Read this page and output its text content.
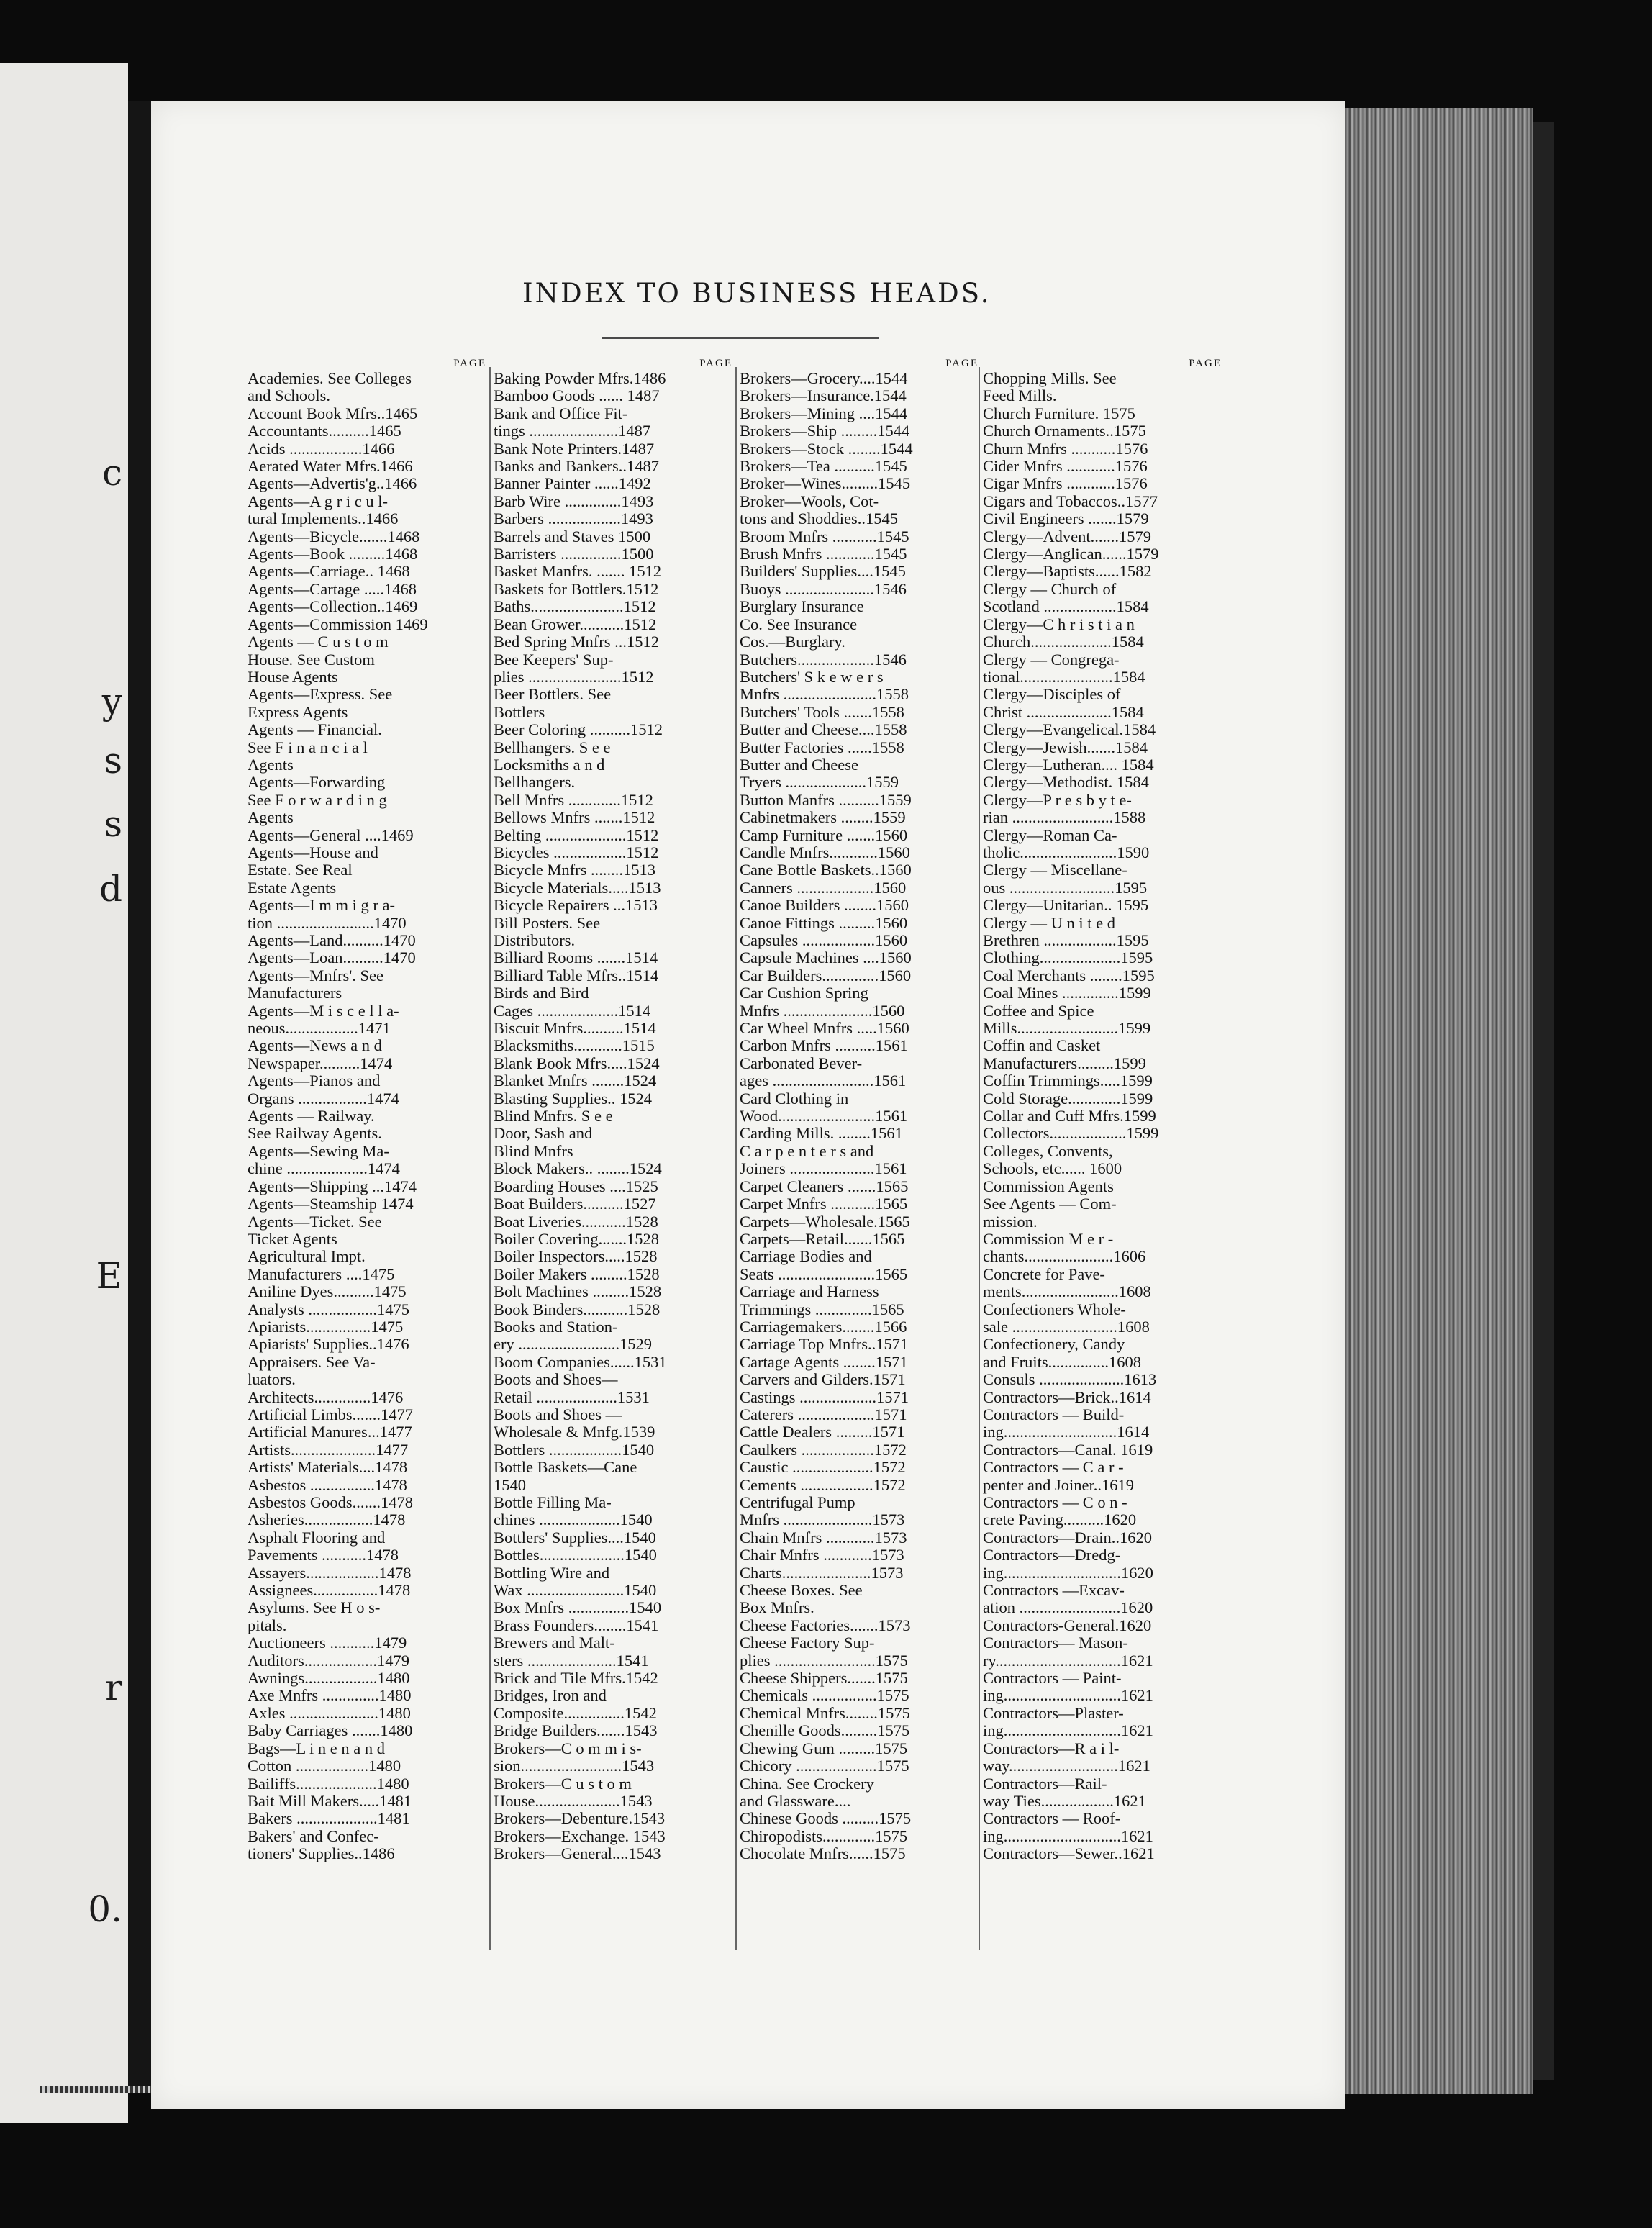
c
y
s
s
d
E
r
0.
INDEX TO BUSINESS HEADS.
PAGE
Academies. See Colleges
and Schools.
Account Book Mfrs..1465
Accountants..........1465
Acids ..................1466
Aerated Water Mfrs.1466
Agents—Advertis'g..1466
Agents—A g r i c u l-
tural Implements..1466
Agents—Bicycle.......1468
Agents—Book .........1468
Agents—Carriage.. 1468
Agents—Cartage .....1468
Agents—Collection..1469
Agents—Commission 1469
Agents — C u s t o m
House. See Custom
House Agents
Agents—Express. See
Express Agents
Agents — Financial.
See F i n a n c i a l
Agents
Agents—Forwarding
See F o r w a r d i n g
Agents
Agents—General ....1469
Agents—House and
Estate. See Real
Estate Agents
Agents—I m m i g r a-
tion ........................1470
Agents—Land..........1470
Agents—Loan..........1470
Agents—Mnfrs'. See
Manufacturers
Agents—M i s c e l l a-
neous..................1471
Agents—News a n d
Newspaper..........1474
Agents—Pianos and
Organs .................1474
Agents — Railway.
See Railway Agents.
Agents—Sewing Ma-
chine ....................1474
Agents—Shipping ...1474
Agents—Steamship 1474
Agents—Ticket. See
Ticket Agents
Agricultural Impt.
Manufacturers ....1475
Aniline Dyes..........1475
Analysts .................1475
Apiarists................1475
Apiarists' Supplies..1476
Appraisers. See Va-
luators.
Architects..............1476
Artificial Limbs.......1477
Artificial Manures...1477
Artists.....................1477
Artists' Materials....1478
Asbestos ................1478
Asbestos Goods.......1478
Asheries.................1478
Asphalt Flooring and
Pavements ...........1478
Assayers..................1478
Assignees................1478
Asylums. See H o s-
pitals.
Auctioneers ...........1479
Auditors..................1479
Awnings..................1480
Axe Mnfrs ..............1480
Axles ......................1480
Baby Carriages .......1480
Bags—L i n e n a n d
Cotton ..................1480
Bailiffs....................1480
Bait Mill Makers.....1481
Bakers ....................1481
Bakers' and Confec-
tioners' Supplies..1486
PAGE
Baking Powder Mfrs.1486
Bamboo Goods ...... 1487
Bank and Office Fit-
tings ......................1487
Bank Note Printers.1487
Banks and Bankers..1487
Banner Painter ......1492
Barb Wire ..............1493
Barbers ..................1493
Barrels and Staves 1500
Barristers ...............1500
Basket Manfrs. ....... 1512
Baskets for Bottlers.1512
Baths.......................1512
Bean Grower...........1512
Bed Spring Mnfrs ...1512
Bee Keepers' Sup-
plies .......................1512
Beer Bottlers. See
Bottlers
Beer Coloring ..........1512
Bellhangers. S e e
Locksmiths a n d
Bellhangers.
Bell Mnfrs .............1512
Bellows Mnfrs .......1512
Belting ....................1512
Bicycles ..................1512
Bicycle Mnfrs ........1513
Bicycle Materials.....1513
Bicycle Repairers ...1513
Bill Posters. See
Distributors.
Billiard Rooms .......1514
Billiard Table Mfrs..1514
Birds and Bird
Cages ....................1514
Biscuit Mnfrs..........1514
Blacksmiths............1515
Blank Book Mfrs.....1524
Blanket Mnfrs ........1524
Blasting Supplies.. 1524
Blind Mnfrs. S e e
Door, Sash and
Blind Mnfrs
Block Makers.. ........1524
Boarding Houses ....1525
Boat Builders..........1527
Boat Liveries...........1528
Boiler Covering.......1528
Boiler Inspectors.....1528
Boiler Makers .........1528
Bolt Machines .........1528
Book Binders...........1528
Books and Station-
ery .........................1529
Boom Companies......1531
Boots and Shoes—
Retail ....................1531
Boots and Shoes —
Wholesale & Mnfg.1539
Bottlers ..................1540
Bottle Baskets—Cane
1540
Bottle Filling Ma-
chines ....................1540
Bottlers' Supplies....1540
Bottles.....................1540
Bottling Wire and
Wax ........................1540
Box Mnfrs ...............1540
Brass Founders........1541
Brewers and Malt-
sters ......................1541
Brick and Tile Mfrs.1542
Bridges, Iron and
Composite...............1542
Bridge Builders.......1543
Brokers—C o m m i s-
sion.........................1543
Brokers—C u s t o m
House.....................1543
Brokers—Debenture.1543
Brokers—Exchange. 1543
Brokers—General....1543
PAGE
Brokers—Grocery....1544
Brokers—Insurance.1544
Brokers—Mining ....1544
Brokers—Ship .........1544
Brokers—Stock ........1544
Brokers—Tea ..........1545
Broker—Wines.........1545
Broker—Wools, Cot-
tons and Shoddies..1545
Broom Mnfrs ...........1545
Brush Mnfrs ............1545
Builders' Supplies....1545
Buoys ......................1546
Burglary Insurance
Co. See Insurance
Cos.—Burglary.
Butchers...................1546
Butchers' S k e w e r s
Mnfrs .......................1558
Butchers' Tools .......1558
Butter and Cheese....1558
Butter Factories ......1558
Butter and Cheese
Tryers ....................1559
Button Manfrs ..........1559
Cabinetmakers ........1559
Camp Furniture .......1560
Candle Mnfrs............1560
Cane Bottle Baskets..1560
Canners ...................1560
Canoe Builders ........1560
Canoe Fittings .........1560
Capsules ..................1560
Capsule Machines ....1560
Car Builders..............1560
Car Cushion Spring
Mnfrs ......................1560
Car Wheel Mnfrs .....1560
Carbon Mnfrs ..........1561
Carbonated Bever-
ages .........................1561
Card Clothing in
Wood........................1561
Carding Mills. ........1561
C a r p e n t e r s and
Joiners .....................1561
Carpet Cleaners .......1565
Carpet Mnfrs ...........1565
Carpets—Wholesale.1565
Carpets—Retail.......1565
Carriage Bodies and
Seats ........................1565
Carriage and Harness
Trimmings ..............1565
Carriagemakers........1566
Carriage Top Mnfrs..1571
Cartage Agents ........1571
Carvers and Gilders.1571
Castings ...................1571
Caterers ...................1571
Cattle Dealers .........1571
Caulkers ..................1572
Caustic ....................1572
Cements ..................1572
Centrifugal Pump
Mnfrs ......................1573
Chain Mnfrs ............1573
Chair Mnfrs ............1573
Charts......................1573
Cheese Boxes. See
Box Mnfrs.
Cheese Factories.......1573
Cheese Factory Sup-
plies .........................1575
Cheese Shippers.......1575
Chemicals ................1575
Chemical Mnfrs........1575
Chenille Goods.........1575
Chewing Gum .........1575
Chicory ....................1575
China. See Crockery
and Glassware....
Chinese Goods .........1575
Chiropodists.............1575
Chocolate Mnfrs......1575
PAGE
Chopping Mills. See
Feed Mills.
Church Furniture. 1575
Church Ornaments..1575
Churn Mnfrs ...........1576
Cider Mnfrs ............1576
Cigar Mnfrs ............1576
Cigars and Tobaccos..1577
Civil Engineers .......1579
Clergy—Advent.......1579
Clergy—Anglican......1579
Clergy—Baptists......1582
Clergy — Church of
Scotland ..................1584
Clergy—C h r i s t i a n
Church....................1584
Clergy — Congrega-
tional.......................1584
Clergy—Disciples of
Christ .....................1584
Clergy—Evangelical.1584
Clergy—Jewish.......1584
Clergy—Lutheran.... 1584
Clergy—Methodist. 1584
Clergy—P r e s b y t e-
rian .........................1588
Clergy—Roman Ca-
tholic........................1590
Clergy — Miscellane-
ous ..........................1595
Clergy—Unitarian.. 1595
Clergy — U n i t e d
Brethren ..................1595
Clothing....................1595
Coal Merchants ........1595
Coal Mines ..............1599
Coffee and Spice
Mills.........................1599
Coffin and Casket
Manufacturers.........1599
Coffin Trimmings.....1599
Cold Storage.............1599
Collar and Cuff Mfrs.1599
Collectors...................1599
Colleges, Convents,
Schools, etc...... 1600
Commission Agents
See Agents — Com-
mission.
Commission M e r -
chants......................1606
Concrete for Pave-
ments........................1608
Confectioners Whole-
sale ..........................1608
Confectionery, Candy
and Fruits...............1608
Consuls .....................1613
Contractors—Brick..1614
Contractors — Build-
ing............................1614
Contractors—Canal. 1619
Contractors — C a r -
penter and Joiner..1619
Contractors — C o n -
crete Paving..........1620
Contractors—Drain..1620
Contractors—Dredg-
ing.............................1620
Contractors —Excav-
ation .........................1620
Contractors-General.1620
Contractors— Mason-
ry...............................1621
Contractors — Paint-
ing.............................1621
Contractors—Plaster-
ing.............................1621
Contractors—R a i l-
way...........................1621
Contractors—Rail-
way Ties..................1621
Contractors — Roof-
ing.............................1621
Contractors—Sewer..1621
